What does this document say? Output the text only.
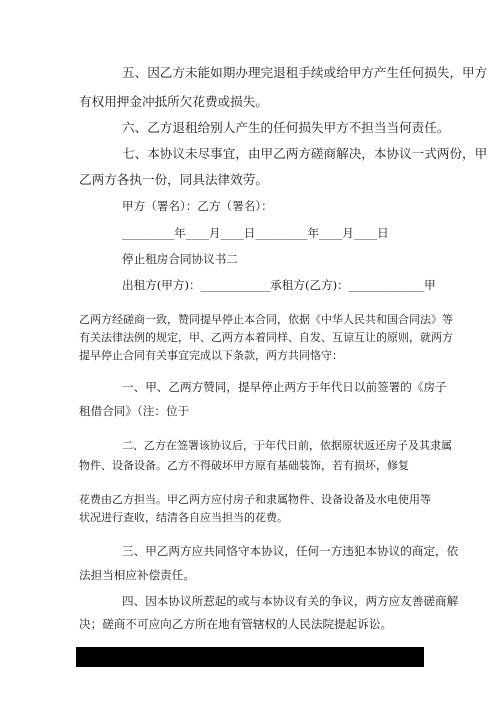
五、因乙方未能如期办理完退租手续或给甲方产生任何损失，甲方

有权用押金冲抵所欠花费或损失。

六、乙方退租给别人产生的任何损失甲方不担当当何责任。

七、本协议未尽事宜，由甲乙两方磋商解决，本协议一式两份，甲

乙两方各执一份，同具法律效劳。

甲方（署名）：乙方（署名）：

_________年____月____日_________年____月____日

停止租房合同协议书二

出租方(甲方)：____________承租方(乙方)：_____________甲

乙两方经磋商一致，赞同提早停止本合同，依据《中华人民共和国合同法》等

有关法律法例的规定，甲、乙两方本着同样、自发、互谅互让的原则，就两方

提早停止合同有关事宜完成以下条款，两方共同恪守：

一、甲、乙两方赞同，提早停止两方于年代日以前签署的《房子

租借合同》（注：位于

二、乙方在签署该协议后，于年代日前，依据原状返还房子及其隶属

物件、设备设备。乙方不得破坏甲方原有基础装饰，若有损坏，修复

花费由乙方担当。甲乙两方应付房子和隶属物件、设备设备及水电使用等

状况进行查收，结清各自应当担当的花费。

三、甲乙两方应共同恪守本协议，任何一方违犯本协议的商定，依

法担当相应补偿责任。

四、因本协议所惹起的或与本协议有关的争议，两方应友善磋商解

决；磋商不可应向乙方所在地有管辖权的人民法院提起诉讼。
